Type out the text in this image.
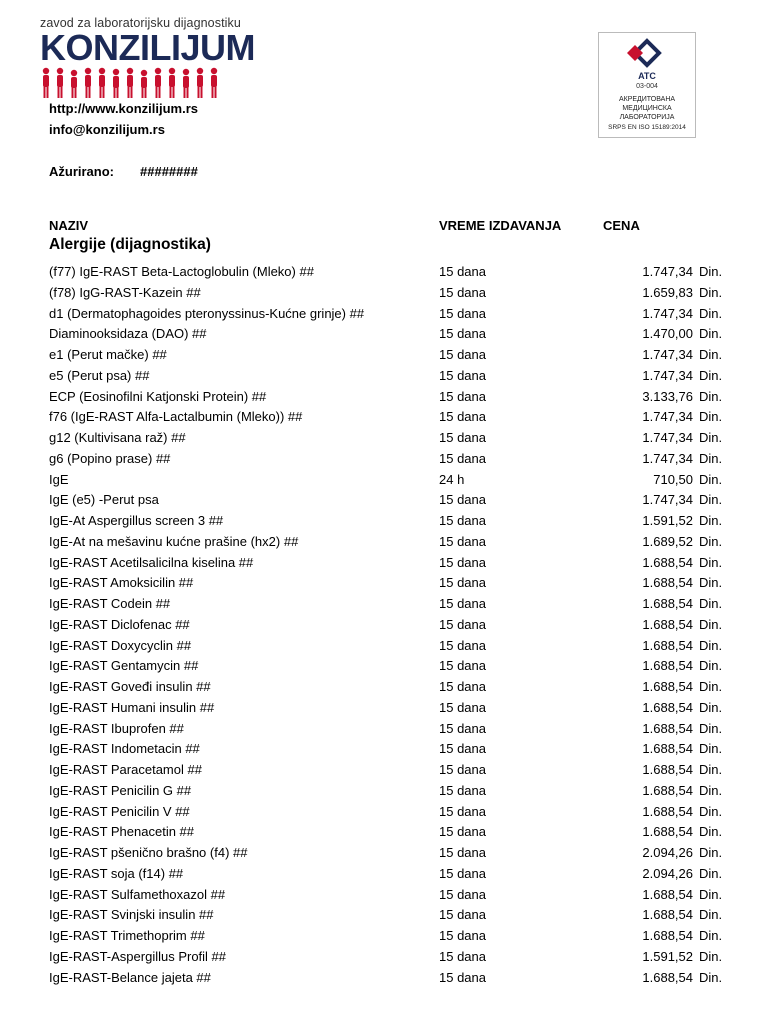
zavod za laboratorijsku dijagnostiku
KONZILIJUM
ATC
03-004
АКРЕДИТОВАНА
МЕДИЦИНСКА
ЛАБОРАТОРИЈА
SRPS EN ISO 15189:2014
http://www.konzilijum.rs
info@konzilijum.rs
Ažurirano: ########
NAZIV	VREME IZDAVANJA	CENA
Alergije (dijagnostika)
(f77) IgE-RAST Beta-Lactoglobulin (Mleko) ##	15 dana	1.747,34 Din.
(f78) IgG-RAST-Kazein ##	15 dana	1.659,83 Din.
d1 (Dermatophagoides pteronyssinus-Kućne grinje) ##	15 dana	1.747,34 Din.
Diaminooksidaza (DAO) ##	15 dana	1.470,00 Din.
e1 (Perut mačke) ##	15 dana	1.747,34 Din.
e5 (Perut psa) ##	15 dana	1.747,34 Din.
ECP (Eosinofilni Katjonski Protein) ##	15 dana	3.133,76 Din.
f76 (IgE-RAST Alfa-Lactalbumin (Mleko)) ##	15 dana	1.747,34 Din.
g12 (Kultivisana raž) ##	15 dana	1.747,34 Din.
g6 (Popino prase) ##	15 dana	1.747,34 Din.
IgE	24 h	710,50 Din.
IgE (e5) -Perut psa	15 dana	1.747,34 Din.
IgE-At Aspergillus screen 3 ##	15 dana	1.591,52 Din.
IgE-At na mešavinu kućne prašine (hx2) ##	15 dana	1.689,52 Din.
IgE-RAST Acetilsalicilna kiselina ##	15 dana	1.688,54 Din.
IgE-RAST Amoksicilin ##	15 dana	1.688,54 Din.
IgE-RAST Codein ##	15 dana	1.688,54 Din.
IgE-RAST Diclofenac ##	15 dana	1.688,54 Din.
IgE-RAST Doxycyclin ##	15 dana	1.688,54 Din.
IgE-RAST Gentamycin ##	15 dana	1.688,54 Din.
IgE-RAST Goveđi insulin ##	15 dana	1.688,54 Din.
IgE-RAST Humani insulin ##	15 dana	1.688,54 Din.
IgE-RAST Ibuprofen ##	15 dana	1.688,54 Din.
IgE-RAST Indometacin ##	15 dana	1.688,54 Din.
IgE-RAST Paracetamol ##	15 dana	1.688,54 Din.
IgE-RAST Penicilin G ##	15 dana	1.688,54 Din.
IgE-RAST Penicilin V ##	15 dana	1.688,54 Din.
IgE-RAST Phenacetin ##	15 dana	1.688,54 Din.
IgE-RAST pšenično brašno (f4) ##	15 dana	2.094,26 Din.
IgE-RAST soja (f14) ##	15 dana	2.094,26 Din.
IgE-RAST Sulfamethoxazol ##	15 dana	1.688,54 Din.
IgE-RAST Svinjski insulin ##	15 dana	1.688,54 Din.
IgE-RAST Trimethoprim ##	15 dana	1.688,54 Din.
IgE-RAST-Aspergillus Profil ##	15 dana	1.591,52 Din.
IgE-RAST-Belance jajeta ##	15 dana	1.688,54 Din.
